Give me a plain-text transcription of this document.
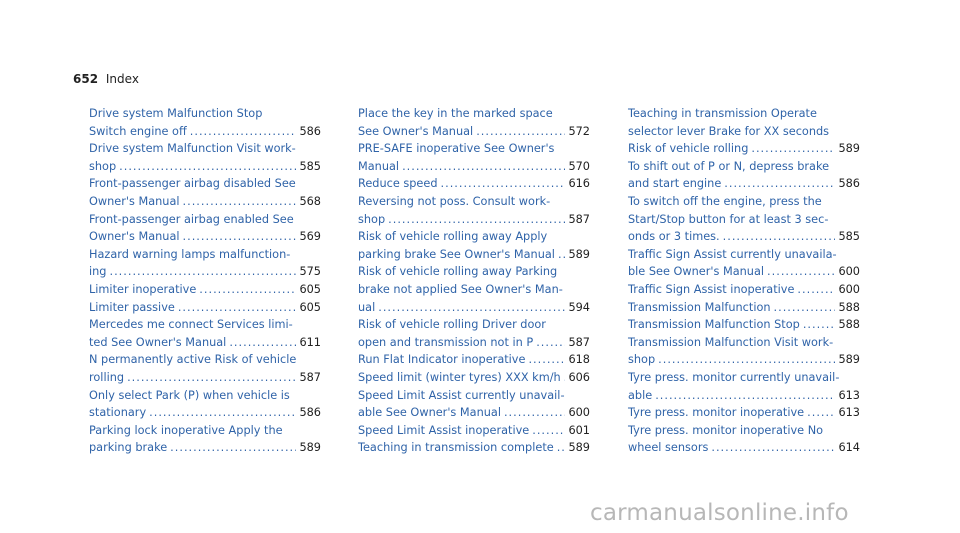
652 Index
Drive system Malfunction Stop
Switch engine off .....	586
Drive system Malfunction Visit work-
shop .....	585
Front-passenger airbag disabled See
Owner's Manual .....	568
Front-passenger airbag enabled See
Owner's Manual .....	569
Hazard warning lamps malfunction-
ing .....	575
Limiter inoperative .....	605
Limiter passive .....	605
Mercedes me connect Services limi-
ted See Owner's Manual .....	611
N permanently active Risk of vehicle
rolling .....	587
Only select Park (P) when vehicle is
stationary .....	586
Parking lock inoperative Apply the
parking brake .....	589
Place the key in the marked space
See Owner's Manual .....	572
PRE-SAFE inoperative See Owner's
Manual .....	570
Reduce speed .....	616
Reversing not poss. Consult work-
shop .....	587
Risk of vehicle rolling away Apply
parking brake See Owner's Manual ..... 589
Risk of vehicle rolling away Parking
brake not applied See Owner's Man-
ual .....	594
Risk of vehicle rolling Driver door
open and transmission not in P .....	587
Run Flat Indicator inoperative .....	618
Speed limit (winter tyres) XXX km/h ..... 606
Speed Limit Assist currently unavail-
able See Owner's Manual .....	600
Speed Limit Assist inoperative .....	601
Teaching in transmission complete ..... 589
Teaching in transmission Operate
selector lever Brake for XX seconds
Risk of vehicle rolling .....	589
To shift out of P or N, depress brake
and start engine .....	586
To switch off the engine, press the
Start/Stop button for at least 3 sec-
onds or 3 times. .....	585
Traffic Sign Assist currently unavaila-
ble See Owner's Manual .....	600
Traffic Sign Assist inoperative .....	600
Transmission Malfunction .....	588
Transmission Malfunction Stop .....	588
Transmission Malfunction Visit work-
shop .....	589
Tyre press. monitor currently unavail-
able .....	613
Tyre press. monitor inoperative .....	613
Tyre press. monitor inoperative No
wheel sensors .....	614
carmanualsonline.info
